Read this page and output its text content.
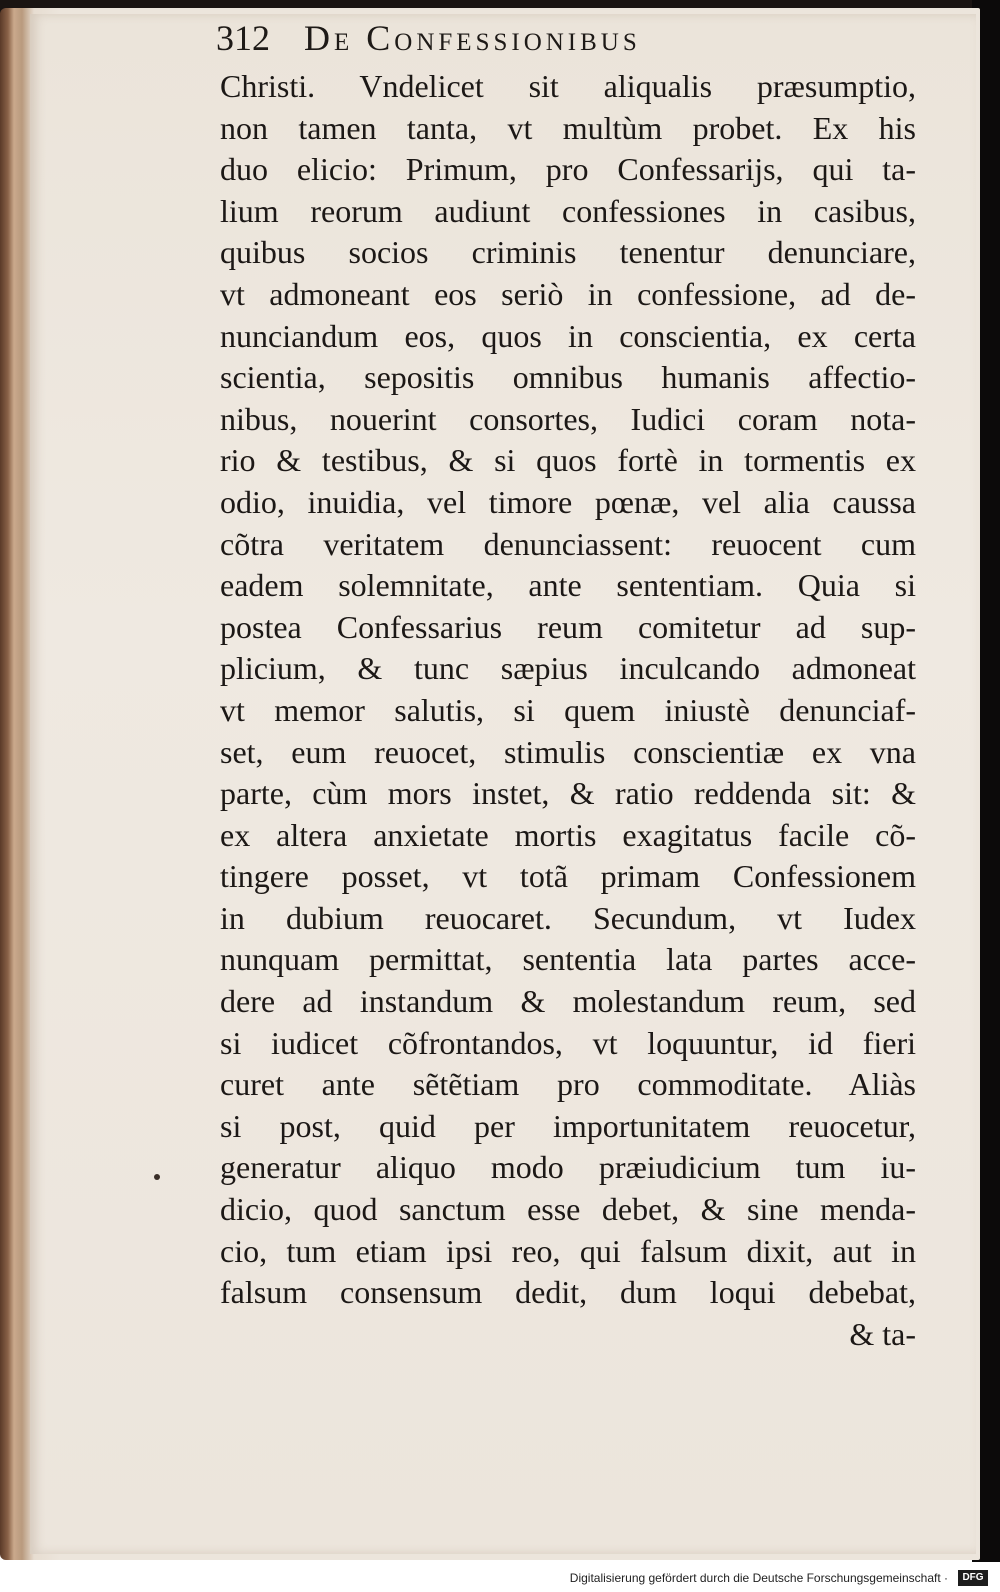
312 De Confessionibus
Christi. Vndelicet sit aliqualis præsumptio,
non tamen tanta, vt multùm probet. Ex his
duo elicio: Primum, pro Confessarijs, qui ta-
lium reorum audiunt confessiones in casibus,
quibus socios criminis tenentur denunciare,
vt admoneant eos seriò in confessione, ad de-
nunciandum eos, quos in conscientia, ex certa
scientia, sepositis omnibus humanis affectio-
nibus, nouerint consortes, Iudici coram nota-
rio & testibus, & si quos fortè in tormentis ex
odio, inuidia, vel timore pœnæ, vel alia caussa
cõtra veritatem denunciassent: reuocent cum
eadem solemnitate, ante sententiam. Quia si
postea Confessarius reum comitetur ad sup-
plicium, & tunc sæpius inculcando admoneat
vt memor salutis, si quem iniustè denunciaf-
set, eum reuocet, stimulis conscientiæ ex vna
parte, cùm mors instet, & ratio reddenda sit: &
ex altera anxietate mortis exagitatus facile cõ-
tingere posset, vt totã primam Confessionem
in dubium reuocaret. Secundum, vt Iudex
nunquam permittat, sententia lata partes acce-
dere ad instandum & molestandum reum, sed
si iudicet cõfrontandos, vt loquuntur, id fieri
curet ante sẽtẽtiam pro commoditate. Aliàs
si post, quid per importunitatem reuocetur,
generatur aliquo modo præiudicium tum iu-
dicio, quod sanctum esse debet, & sine menda-
cio, tum etiam ipsi reo, qui falsum dixit, aut in
falsum consensum dedit, dum loqui debebat,
& ta-
Digitalisierung gefördert durch die Deutsche Forschungsgemeinschaft ·	DFG
